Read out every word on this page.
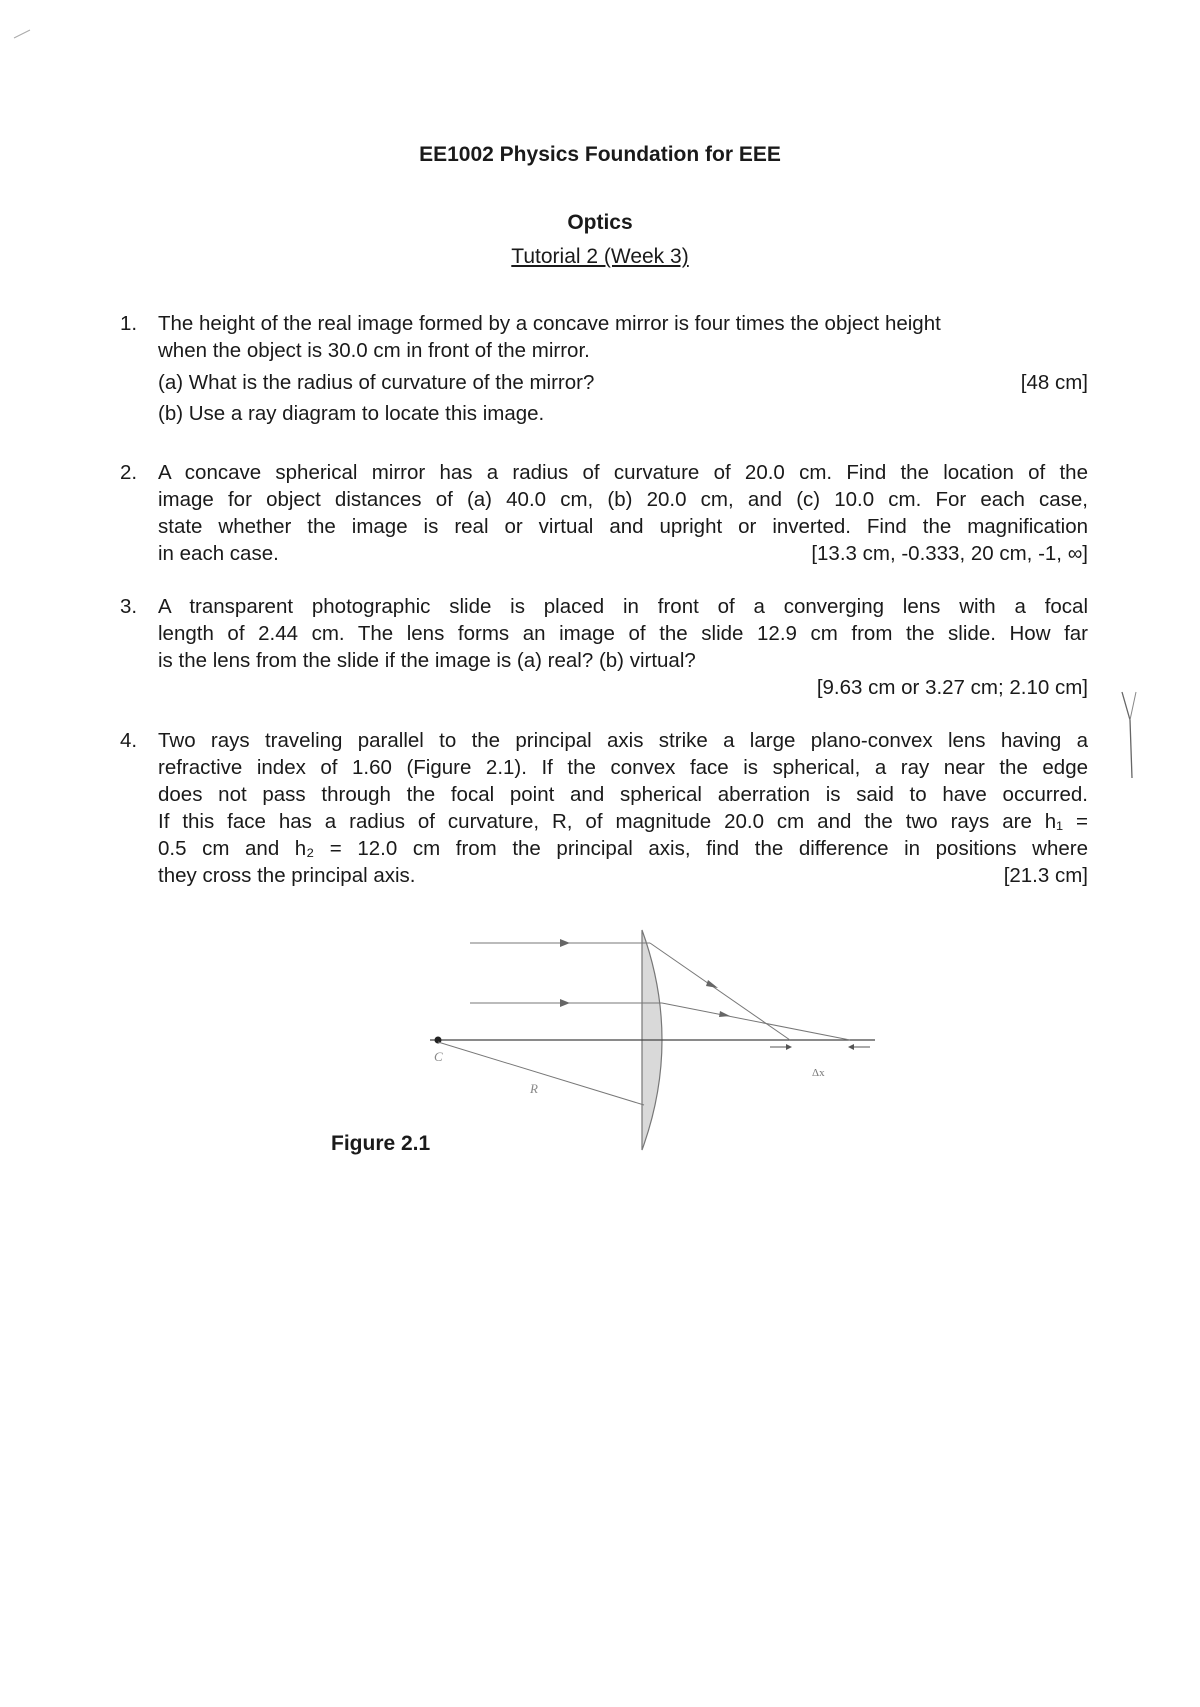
EE1002 Physics Foundation for EEE
Optics
Tutorial 2 (Week 3)
1. The height of the real image formed by a concave mirror is four times the object height
when the object is 30.0 cm in front of the mirror.
(a) What is the radius of curvature of the mirror?	[48 cm]
(b) Use a ray diagram to locate this image.
2. A concave spherical mirror has a radius of curvature of 20.0 cm. Find the location of the
image for object distances of (a) 40.0 cm, (b) 20.0 cm, and (c) 10.0 cm. For each case,
state whether the image is real or virtual and upright or inverted. Find the magnification
in each case.	[13.3 cm, -0.333, 20 cm, -1, ∞]
3. A transparent photographic slide is placed in front of a converging lens with a focal
length of 2.44 cm. The lens forms an image of the slide 12.9 cm from the slide. How far
is the lens from the slide if the image is (a) real? (b) virtual?
[9.63 cm or 3.27 cm; 2.10 cm]
4. Two rays traveling parallel to the principal axis strike a large plano-convex lens having a
refractive index of 1.60 (Figure 2.1). If the convex face is spherical, a ray near the edge
does not pass through the focal point and spherical aberration is said to have occurred.
If this face has a radius of curvature, R, of magnitude 20.0 cm and the two rays are h₁ =
0.5 cm and h₂ = 12.0 cm from the principal axis, find the difference in positions where
they cross the principal axis.	[21.3 cm]
C
R
Δx
Figure 2.1
